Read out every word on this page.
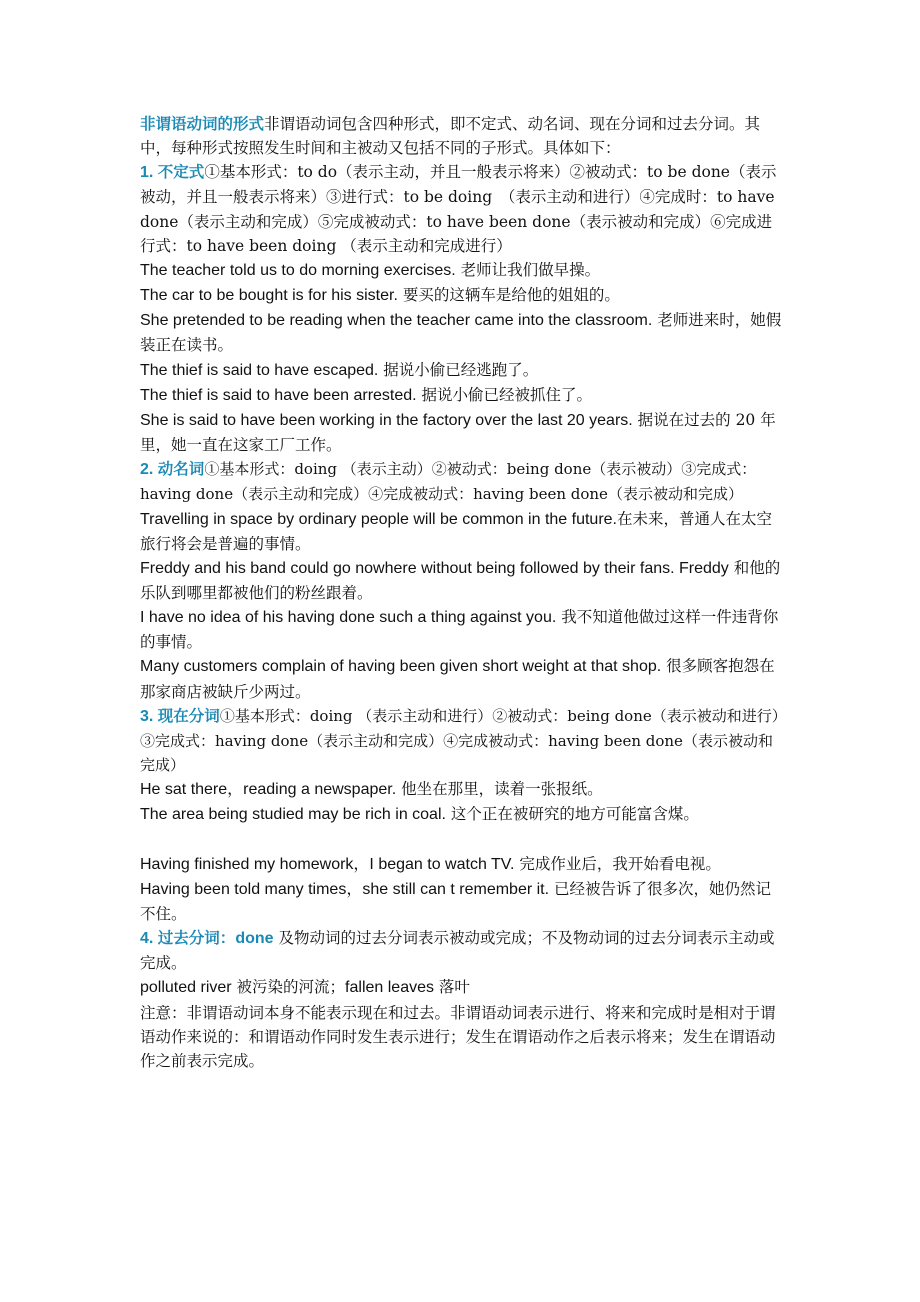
非谓语动词的形式非谓语动词包含四种形式，即不定式、动名词、现在分词和过去分词。其中，每种形式按照发生时间和主被动又包括不同的子形式。具体如下：

1. 不定式①基本形式：to do（表示主动，并且一般表示将来）②被动式：to be done（表示被动，并且一般表示将来）③进行式：to be doing　（表示主动和进行）④完成时：to have done（表示主动和完成）⑤完成被动式：to have been done（表示被动和完成）⑥完成进行式：to have been doing （表示主动和完成进行）

The teacher told us to do morning exercises. 老师让我们做早操。

The car to be bought is for his sister. 要买的这辆车是给他的姐姐的。

She pretended to be reading when the teacher came into the classroom. 老师进来时，她假装正在读书。

The thief is said to have escaped. 据说小偷已经逃跑了。

The thief is said to have been arrested. 据说小偷已经被抓住了。

She is said to have been working in the factory over the last 20 years. 据说在过去的 20 年里，她一直在这家工厂工作。

2. 动名词①基本形式：doing （表示主动）②被动式：being done（表示被动）③完成式：having done（表示主动和完成）④完成被动式：having been done（表示被动和完成）

Travelling in space by ordinary people will be common in the future.在未来，普通人在太空旅行将会是普遍的事情。

Freddy and his band could go nowhere without being followed by their fans. Freddy 和他的乐队到哪里都被他们的粉丝跟着。

I have no idea of his having done such a thing against you. 我不知道他做过这样一件违背你的事情。

Many customers complain of having been given short weight at that shop. 很多顾客抱怨在那家商店被缺斤少两过。

3. 现在分词①基本形式：doing （表示主动和进行）②被动式：being done（表示被动和进行）③完成式：having done（表示主动和完成）④完成被动式：having been done（表示被动和完成）

He sat there，reading a newspaper. 他坐在那里，读着一张报纸。

The area being studied may be rich in coal. 这个正在被研究的地方可能富含煤。

Having finished my homework，I began to watch TV. 完成作业后，我开始看电视。

Having been told many times，she still can t remember it. 已经被告诉了很多次，她仍然记不住。

4. 过去分词：done 及物动词的过去分词表示被动或完成；不及物动词的过去分词表示主动或完成。

polluted river 被污染的河流；fallen leaves 落叶

注意：非谓语动词本身不能表示现在和过去。非谓语动词表示进行、将来和完成时是相对于谓语动作来说的：和谓语动作同时发生表示进行；发生在谓语动作之后表示将来；发生在谓语动作之前表示完成。
